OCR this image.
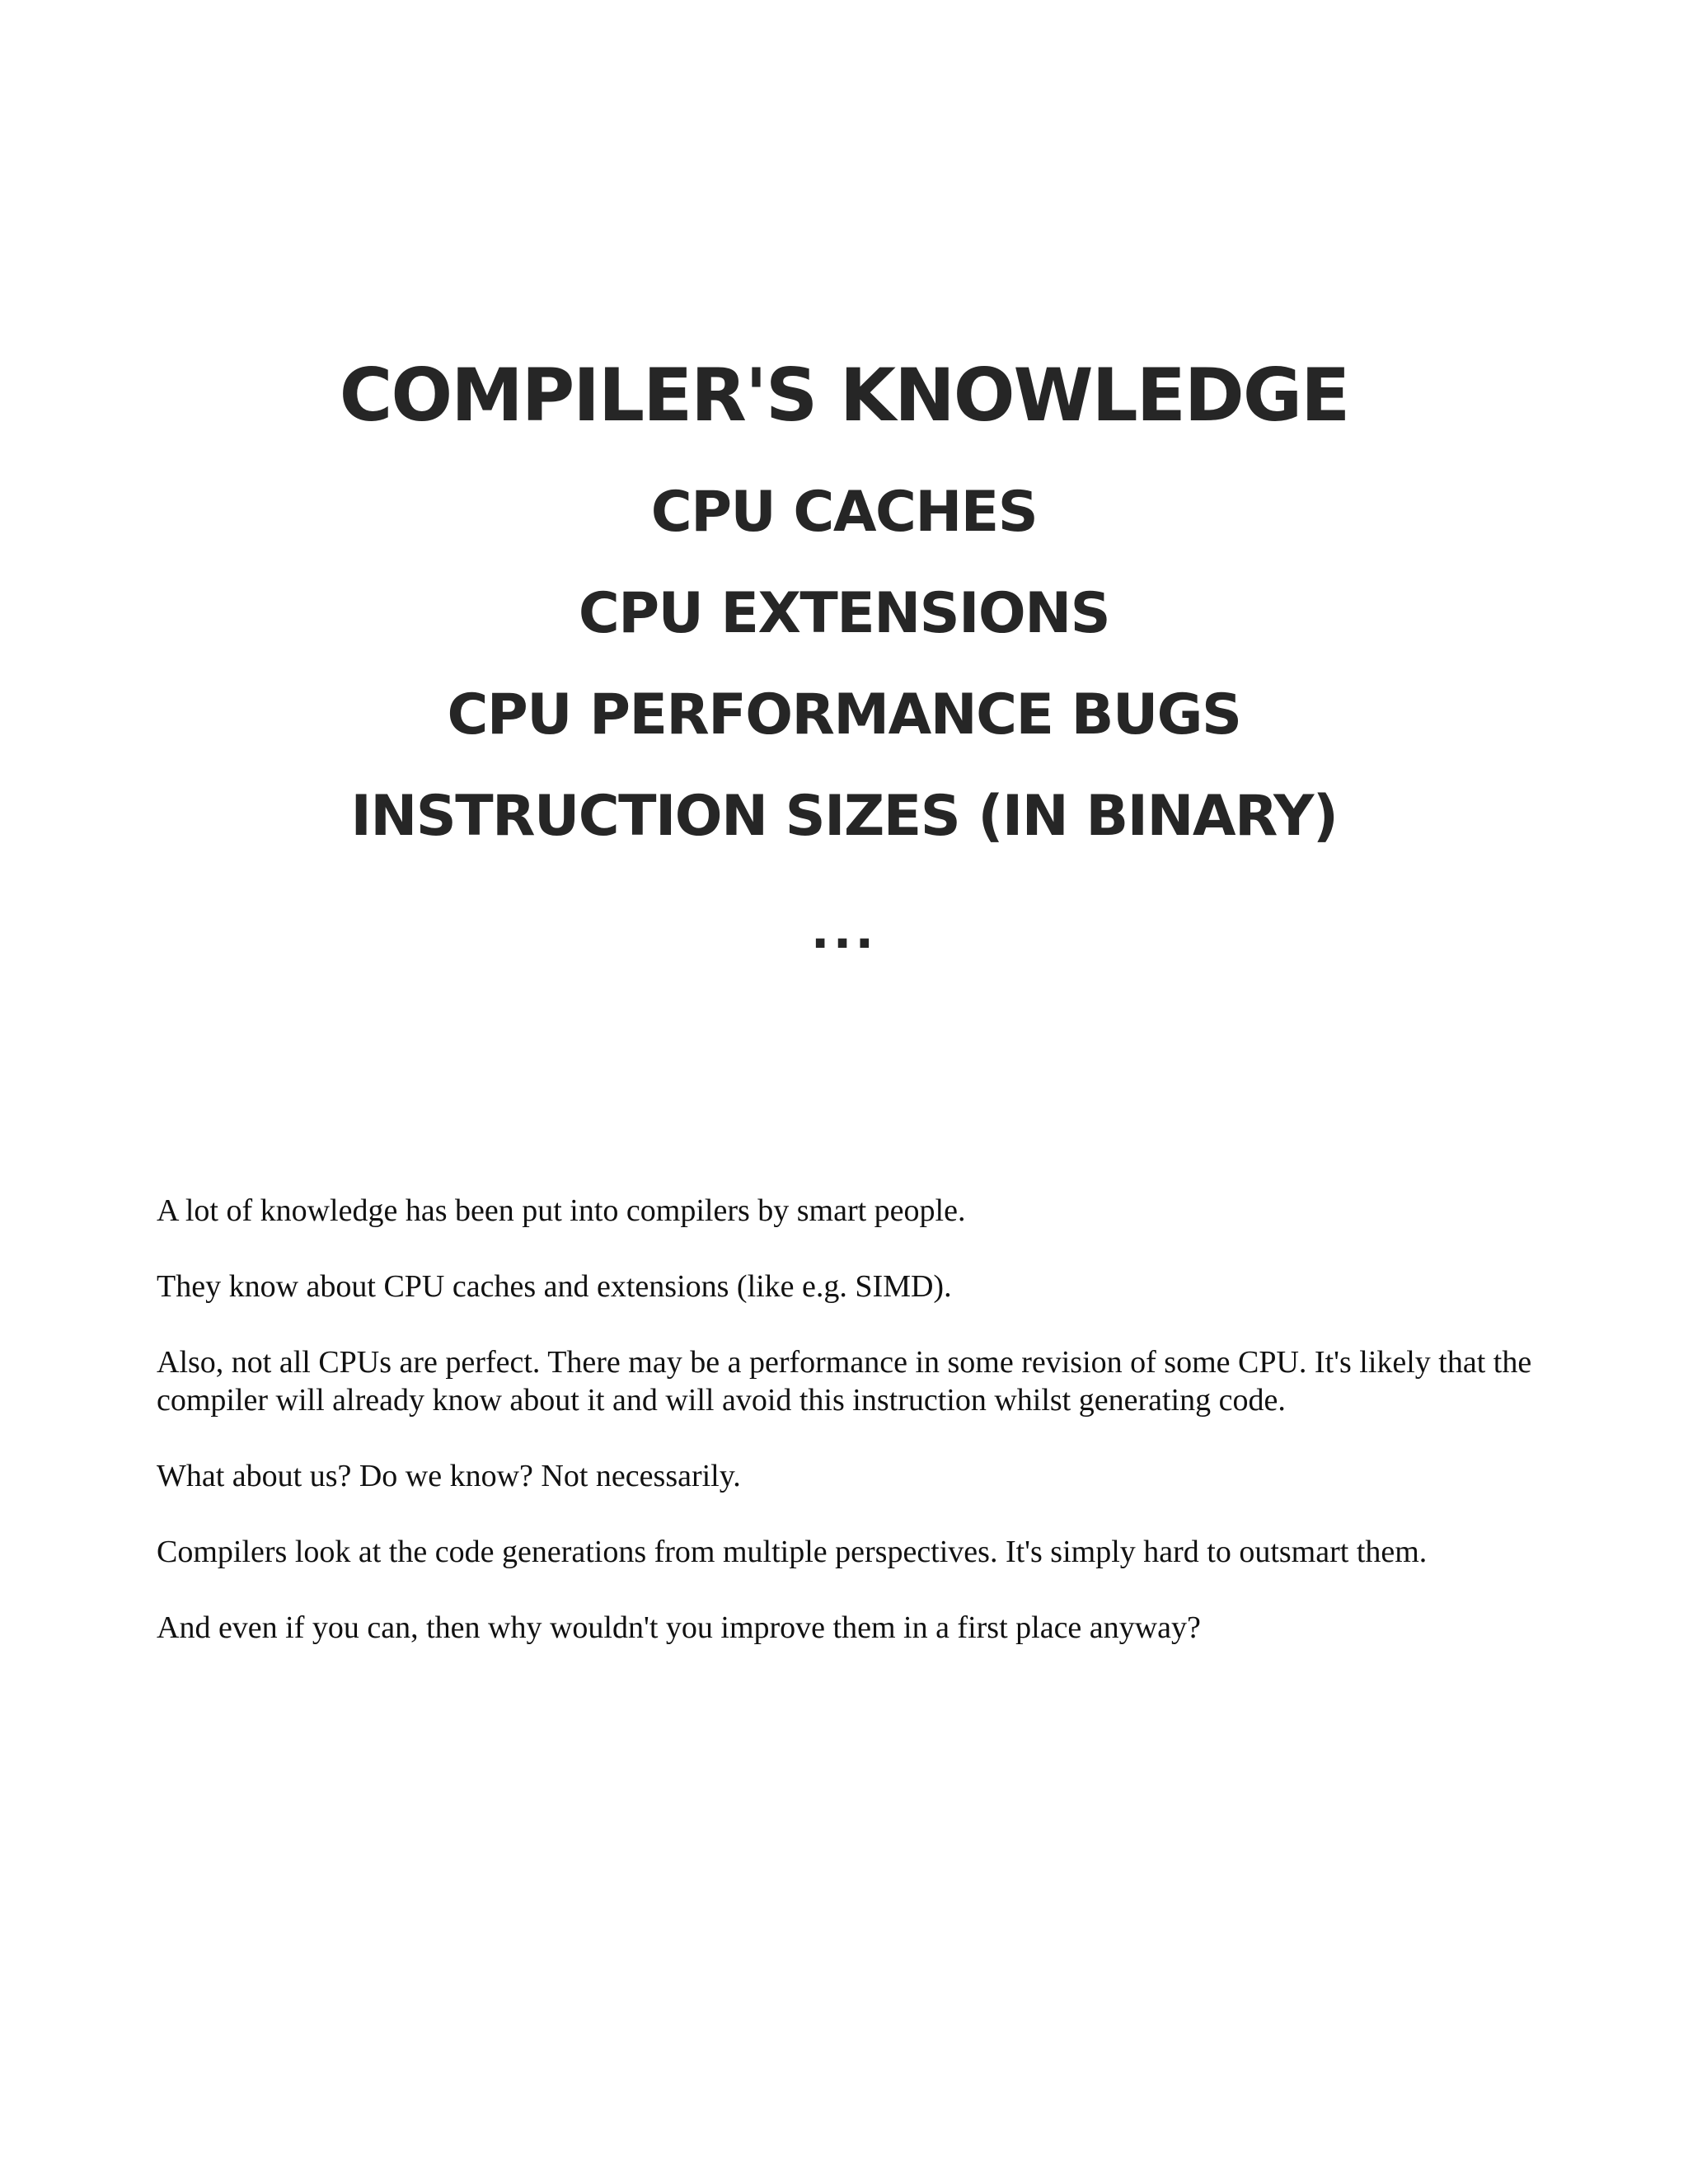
COMPILER'S KNOWLEDGE
CPU CACHES
CPU EXTENSIONS
CPU PERFORMANCE BUGS
INSTRUCTION SIZES (IN BINARY)
...

A lot of knowledge has been put into compilers by smart people.

They know about CPU caches and extensions (like e.g. SIMD).

Also, not all CPUs are perfect. There may be a performance in some revision of some CPU. It's likely that the compiler will already know about it and will avoid this instruction whilst generating code.

What about us? Do we know? Not necessarily.

Compilers look at the code generations from multiple perspectives. It's simply hard to outsmart them.

And even if you can, then why wouldn't you improve them in a first place anyway?
